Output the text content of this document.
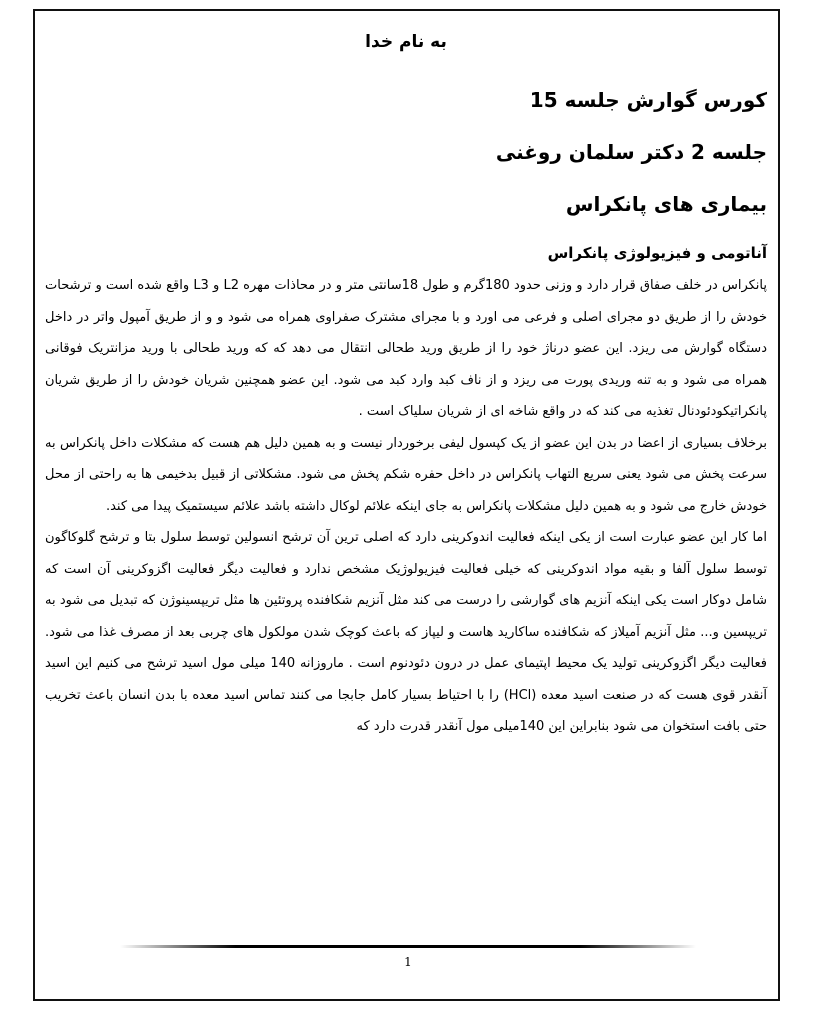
به نام خدا
کورس گوارش جلسه 15
جلسه 2 دکتر سلمان روغنی
بیماری های پانکراس
آناتومی و فیزیولوژی پانکراس

پانکراس در خلف صفاق قرار دارد و وزنی حدود 180گرم و طول 18سانتی متر و در محاذات مهره L2 و L3 واقع شده است و ترشحات خودش را از طریق دو مجرای اصلی و فرعی می اورد و با مجرای مشترک صفراوی همراه می شود و و از طریق آمپول واتر در داخل دستگاه گوارش می ریزد. این عضو درناژ خود را از طریق ورید طحالی انتقال می دهد که که ورید طحالی با ورید مزانتریک فوقانی همراه می شود و به تنه وریدی پورت می ریزد و از ناف کبد وارد کبد می شود. این عضو همچنین شریان خودش را از طریق شریان پانکراتیکودئودنال تغذیه می کند که در واقع شاخه ای از شریان سلیاک است .

برخلاف بسیاری از اعضا در بدن این عضو از یک کپسول لیفی برخوردار نیست و به همین دلیل هم هست که مشکلات داخل پانکراس به سرعت پخش می شود یعنی سریع التهاب پانکراس در داخل حفره شکم پخش می شود. مشکلاتی از قبیل بدخیمی ها به راحتی از محل خودش خارج می شود و به همین دلیل مشکلات پانکراس به جای اینکه علائم لوکال داشته باشد علائم سیستمیک پیدا می کند.

اما کار این عضو عبارت است از یکی اینکه فعالیت اندوکرینی دارد که اصلی ترین آن ترشح انسولین توسط سلول بتا و ترشح گلوکاگون توسط سلول آلفا و بقیه مواد اندوکرینی که خیلی فعالیت فیزیولوژیک مشخص ندارد و فعالیت دیگر فعالیت اگزوکرینی آن است که شامل دوکار است یکی اینکه آنزیم های گوارشی را درست می کند مثل آنزیم شکافنده پروتئین ها مثل تریپسینوژن که تبدیل می شود به تریپسین و... مثل آنزیم آمیلاز که شکافنده ساکارید هاست و لیپاز که باعث کوچک شدن مولکول های چربی بعد از مصرف غذا می شود. فعالیت دیگر اگزوکرینی تولید یک محیط اپتیمای عمل در درون دئودنوم است . ماروزانه 140 میلی مول اسید ترشح می کنیم این اسید آنقدر قوی هست که در صنعت اسید معده (HCl) را با احتیاط بسیار کامل جابجا می کنند تماس اسید معده با بدن انسان باعث تخریب حتی بافت استخوان می شود بنابراین این 140میلی مول آنقدر قدرت دارد که

1
